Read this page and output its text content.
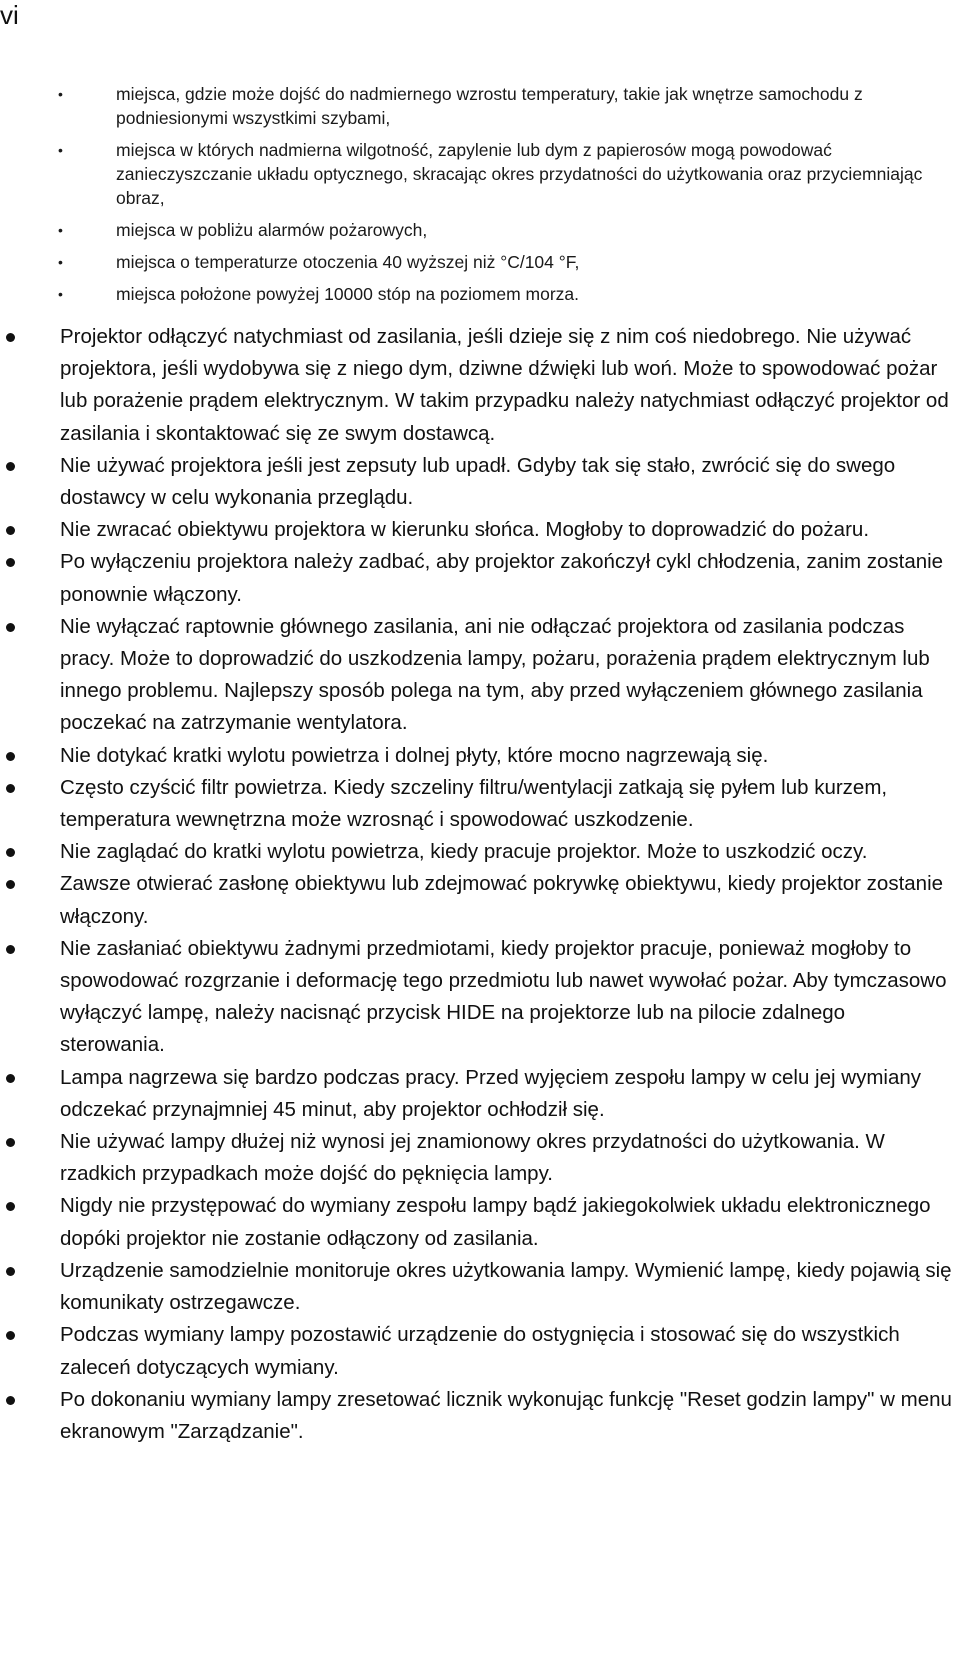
vi
•	miejsca, gdzie może dojść do nadmiernego wzrostu temperatury, takie jak wnętrze samochodu z podniesionymi wszystkimi szybami,
•	miejsca w których nadmierna wilgotność, zapylenie lub dym z papierosów mogą powodować zanieczyszczanie układu optycznego, skracając okres przydatności do użytkowania oraz przyciemniając obraz,
•	miejsca w pobliżu alarmów pożarowych,
•	miejsca o temperaturze otoczenia 40 wyższej niż °C/104 °F,
•	miejsca położone powyżej 10000 stóp na poziomem morza.
Projektor odłączyć natychmiast od zasilania, jeśli dzieje się z nim coś niedobrego. Nie używać projektora, jeśli wydobywa się z niego dym, dziwne dźwięki lub woń. Może to spowodować pożar lub porażenie prądem elektrycznym. W takim przypadku należy natychmiast odłączyć projektor od zasilania i skontaktować się ze swym dostawcą.
Nie używać projektora jeśli jest zepsuty lub upadł. Gdyby tak się stało, zwrócić się do swego dostawcy w celu wykonania przeglądu.
Nie zwracać obiektywu projektora w kierunku słońca. Mogłoby to doprowadzić do pożaru.
Po wyłączeniu projektora należy zadbać, aby projektor zakończył cykl chłodzenia, zanim zostanie ponownie włączony.
Nie wyłączać raptownie głównego zasilania, ani nie odłączać projektora od zasilania podczas pracy. Może to doprowadzić do uszkodzenia lampy, pożaru, porażenia prądem elektrycznym lub innego problemu. Najlepszy sposób polega na tym, aby przed wyłączeniem głównego zasilania poczekać na zatrzymanie wentylatora.
Nie dotykać kratki wylotu powietrza i dolnej płyty, które mocno nagrzewają się.
Często czyścić filtr powietrza. Kiedy szczeliny filtru/wentylacji zatkają się pyłem lub kurzem, temperatura wewnętrzna może wzrosnąć i spowodować uszkodzenie.
Nie zaglądać do kratki wylotu powietrza, kiedy pracuje projektor. Może to uszkodzić oczy.
Zawsze otwierać zasłonę obiektywu lub zdejmować pokrywkę obiektywu, kiedy projektor zostanie włączony.
Nie zasłaniać obiektywu żadnymi przedmiotami, kiedy projektor pracuje, ponieważ mogłoby to spowodować rozgrzanie i deformację tego przedmiotu lub nawet wywołać pożar. Aby tymczasowo wyłączyć lampę, należy nacisnąć przycisk HIDE na projektorze lub na pilocie zdalnego sterowania.
Lampa nagrzewa się bardzo podczas pracy. Przed wyjęciem zespołu lampy w celu jej wymiany odczekać przynajmniej 45 minut, aby projektor ochłodził się.
Nie używać lampy dłużej niż wynosi jej znamionowy okres przydatności do użytkowania. W rzadkich przypadkach może dojść do pęknięcia lampy.
Nigdy nie przystępować do wymiany zespołu lampy bądź jakiegokolwiek układu elektronicznego dopóki projektor nie zostanie odłączony od zasilania.
Urządzenie samodzielnie monitoruje okres użytkowania lampy. Wymienić lampę, kiedy pojawią się komunikaty ostrzegawcze.
Podczas wymiany lampy pozostawić urządzenie do ostygnięcia i stosować się do wszystkich zaleceń dotyczących wymiany.
Po dokonaniu wymiany lampy zresetować licznik wykonując funkcję "Reset godzin lampy" w menu ekranowym "Zarządzanie".
